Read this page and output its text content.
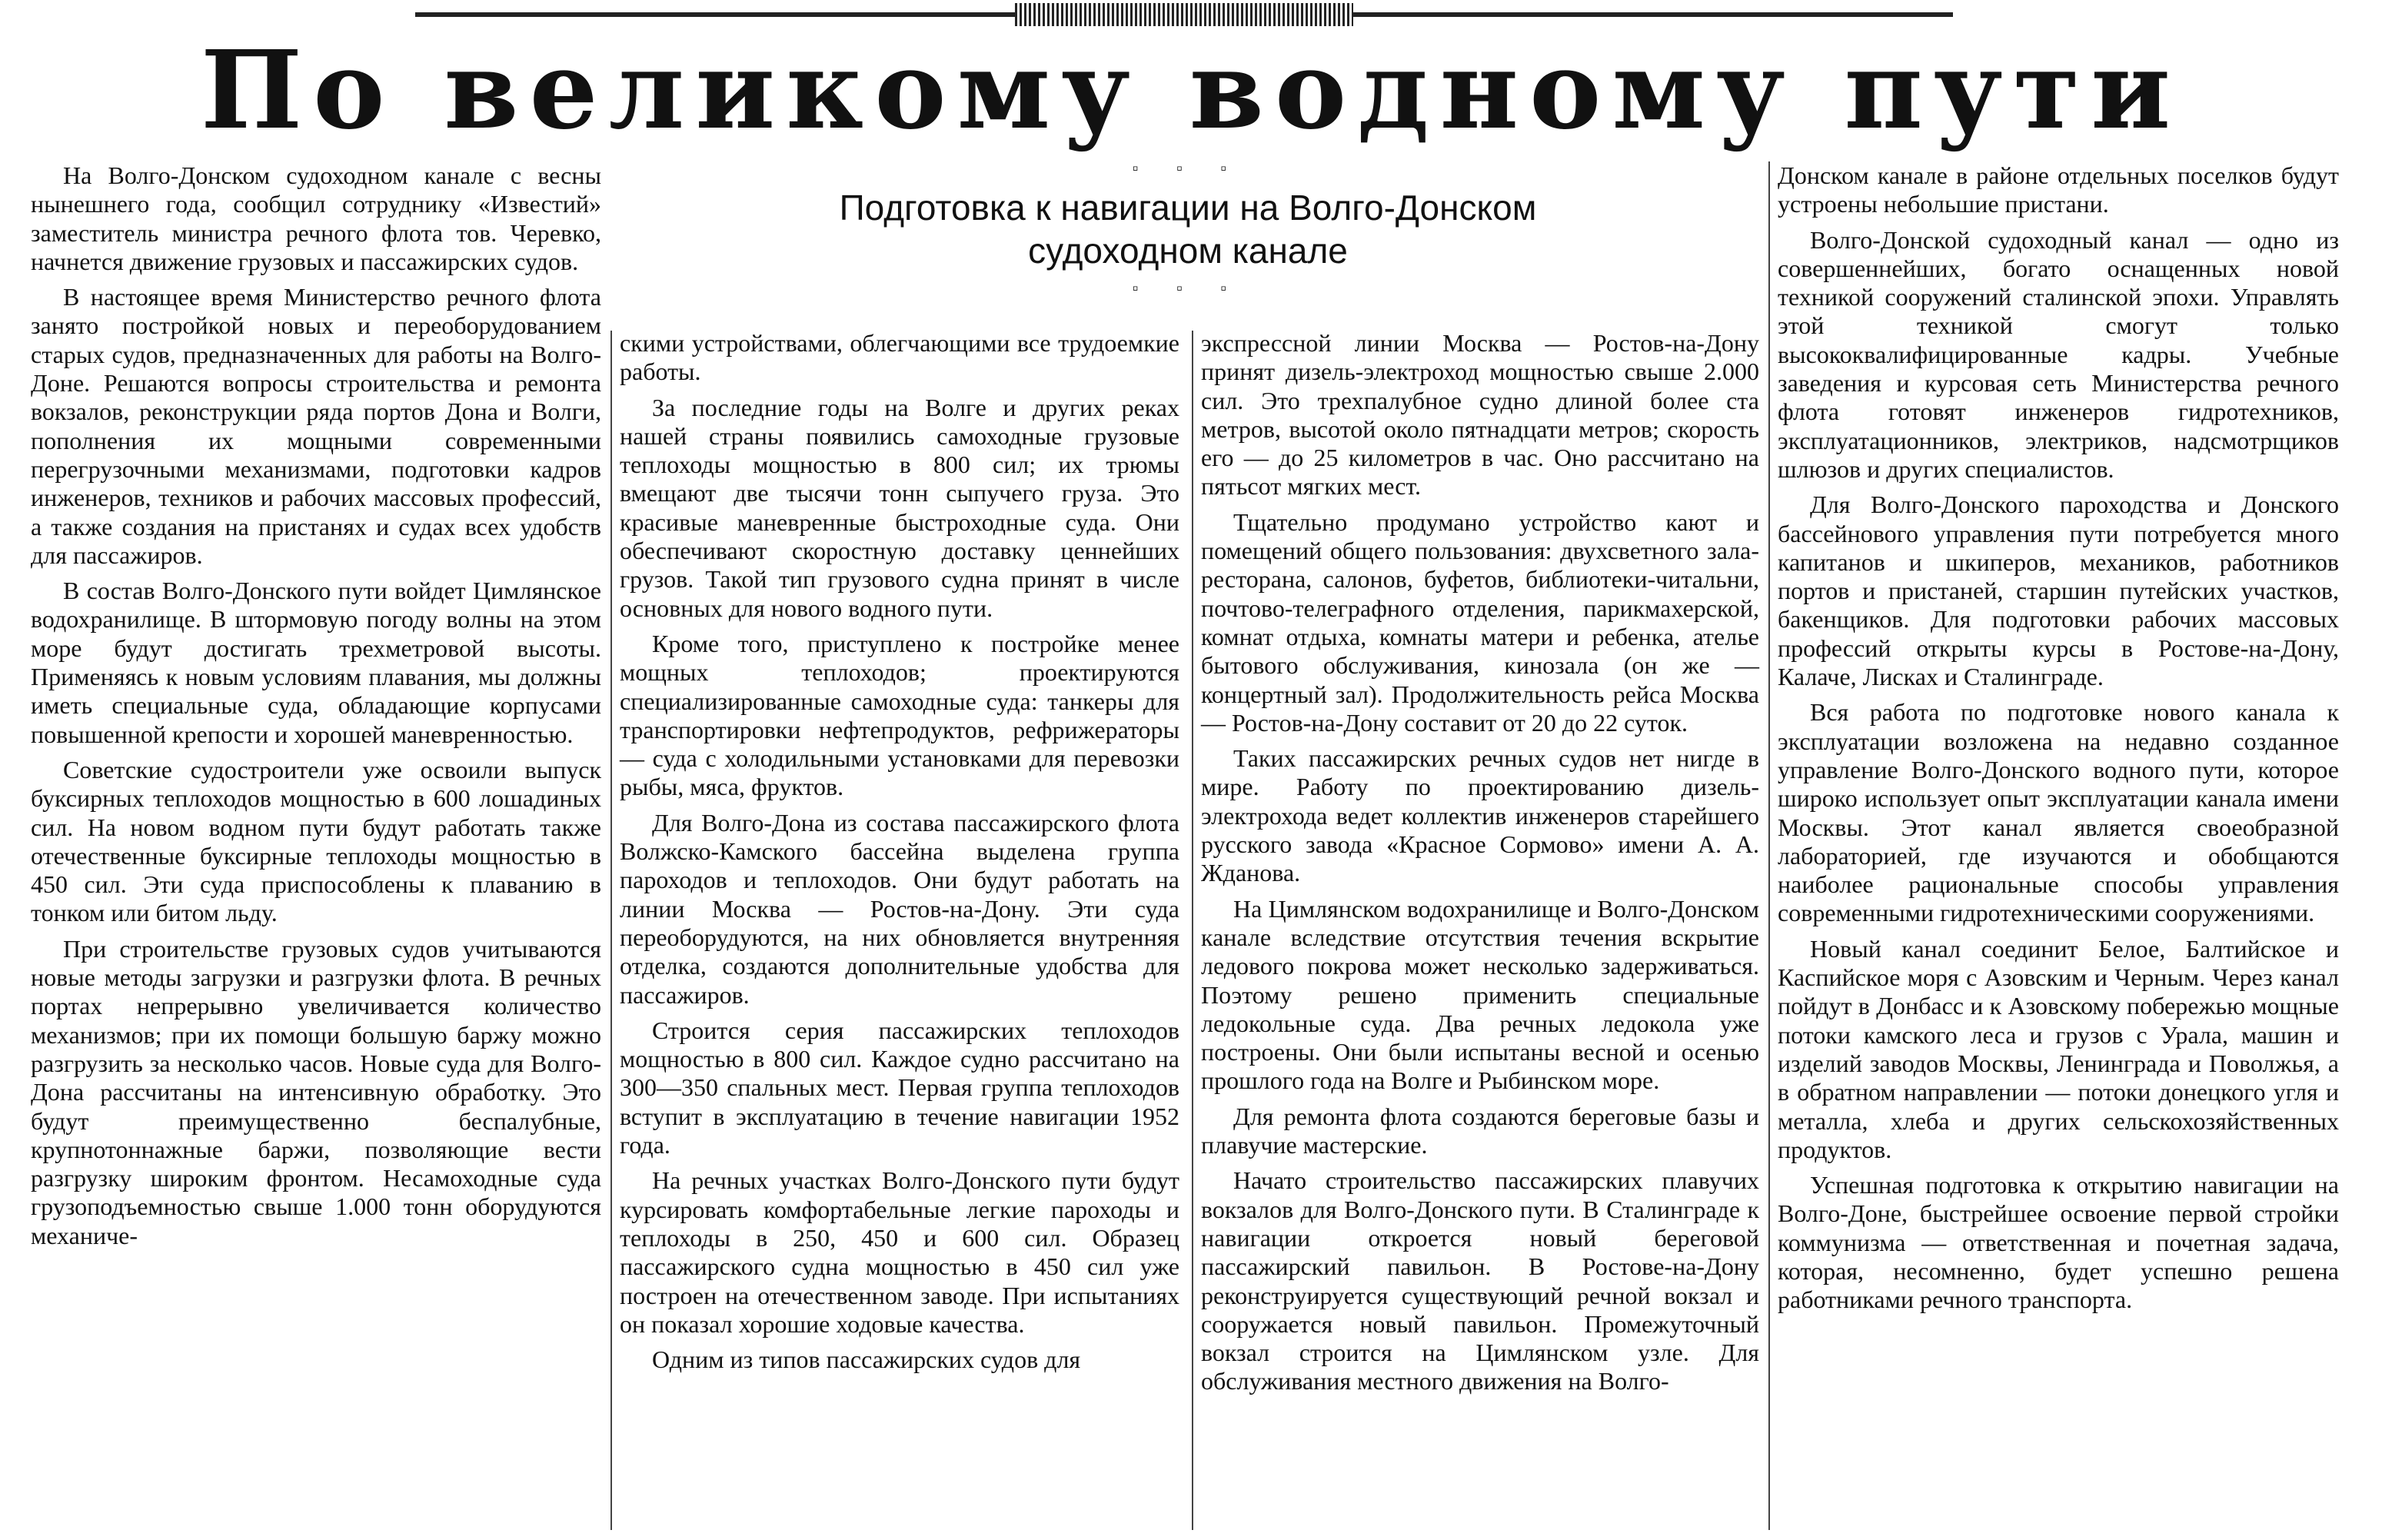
По великому водному пути
▫ ▫ ▫
Подготовка к навигации на Волго-Донском
судоходном канале
▫ ▫ ▫

На Волго-Донском судоходном канале с весны нынешнего года, сообщил сотруднику «Известий» заместитель министра речного флота тов. Черевко, начнется движение грузовых и пассажирских судов.

В настоящее время Министерство речного флота занято постройкой новых и переоборудованием старых судов, предназначенных для работы на Волго-Доне. Решаются вопросы строительства и ремонта вокзалов, реконструкции ряда портов Дона и Волги, пополнения их мощными современными перегрузочными механизмами, подготовки кадров инженеров, техников и рабочих массовых профессий, а также создания на пристанях и судах всех удобств для пассажиров.

В состав Волго-Донского пути войдет Цимлянское водохранилище. В штормовую погоду волны на этом море будут достигать трехметровой высоты. Применяясь к новым условиям плавания, мы должны иметь специальные суда, обладающие корпусами повышенной крепости и хорошей маневренностью.

Советские судостроители уже освоили выпуск буксирных теплоходов мощностью в 600 лошадиных сил. На новом водном пути будут работать также отечественные буксирные теплоходы мощностью в 450 сил. Эти суда приспособлены к плаванию в тонком или битом льду.

При строительстве грузовых судов учитываются новые методы загрузки и разгрузки флота. В речных портах непрерывно увеличивается количество механизмов; при их помощи большую баржу можно разгрузить за несколько часов. Новые суда для Волго-Дона рассчитаны на интенсивную обработку. Это будут преимущественно беспалубные, крупнотоннажные баржи, позволяющие вести разгрузку широким фронтом. Несамоходные суда грузоподъемностью свыше 1.000 тонн оборудуются механиче-

скими устройствами, облегчающими все трудоемкие работы.

За последние годы на Волге и других реках нашей страны появились самоходные грузовые теплоходы мощностью в 800 сил; их трюмы вмещают две тысячи тонн сыпучего груза. Это красивые маневренные быстроходные суда. Они обеспечивают скоростную доставку ценнейших грузов. Такой тип грузового судна принят в числе основных для нового водного пути.

Кроме того, приступлено к постройке менее мощных теплоходов; проектируются специализированные самоходные суда: танкеры для транспортировки нефтепродуктов, рефрижераторы — суда с холодильными установками для перевозки рыбы, мяса, фруктов.

Для Волго-Дона из состава пассажирского флота Волжско-Камского бассейна выделена группа пароходов и теплоходов. Они будут работать на линии Москва — Ростов-на-Дону. Эти суда переоборудуются, на них обновляется внутренняя отделка, создаются дополнительные удобства для пассажиров.

Строится серия пассажирских теплоходов мощностью в 800 сил. Каждое судно рассчитано на 300—350 спальных мест. Первая группа теплоходов вступит в эксплуатацию в течение навигации 1952 года.

На речных участках Волго-Донского пути будут курсировать комфортабельные легкие пароходы и теплоходы в 250, 450 и 600 сил. Образец пассажирского судна мощностью в 450 сил уже построен на отечественном заводе. При испытаниях он показал хорошие ходовые качества.

Одним из типов пассажирских судов для

экспрессной линии Москва — Ростов-на-Дону принят дизель-электроход мощностью свыше 2.000 сил. Это трехпалубное судно длиной более ста метров, высотой около пятнадцати метров; скорость его — до 25 километров в час. Оно рассчитано на пятьсот мягких мест.

Тщательно продумано устройство кают и помещений общего пользования: двухсветного зала-ресторана, салонов, буфетов, библиотеки-читальни, почтово-телеграфного отделения, парикмахерской, комнат отдыха, комнаты матери и ребенка, ателье бытового обслуживания, кинозала (он же — концертный зал). Продолжительность рейса Москва — Ростов-на-Дону составит от 20 до 22 суток.

Таких пассажирских речных судов нет нигде в мире. Работу по проектированию дизель-электрохода ведет коллектив инженеров старейшего русского завода «Красное Сормово» имени А. А. Жданова.

На Цимлянском водохранилище и Волго-Донском канале вследствие отсутствия течения вскрытие ледового покрова может несколько задерживаться. Поэтому решено применить специальные ледокольные суда. Два речных ледокола уже построены. Они были испытаны весной и осенью прошлого года на Волге и Рыбинском море.

Для ремонта флота создаются береговые базы и плавучие мастерские.

Начато строительство пассажирских плавучих вокзалов для Волго-Донского пути. В Сталинграде к навигации откроется новый береговой пассажирский павильон. В Ростове-на-Дону реконструируется существующий речной вокзал и сооружается новый павильон. Промежуточный вокзал строится на Цимлянском узле. Для обслуживания местного движения на Волго-

Донском канале в районе отдельных поселков будут устроены небольшие пристани.

Волго-Донской судоходный канал — одно из совершеннейших, богато оснащенных новой техникой сооружений сталинской эпохи. Управлять этой техникой смогут только высококвалифицированные кадры. Учебные заведения и курсовая сеть Министерства речного флота готовят инженеров гидротехников, эксплуатационников, электриков, надсмотрщиков шлюзов и других специалистов.

Для Волго-Донского пароходства и Донского бассейнового управления пути потребуется много капитанов и шкиперов, механиков, работников портов и пристаней, старшин путейских участков, бакенщиков. Для подготовки рабочих массовых профессий открыты курсы в Ростове-на-Дону, Калаче, Лисках и Сталинграде.

Вся работа по подготовке нового канала к эксплуатации возложена на недавно созданное управление Волго-Донского водного пути, которое широко использует опыт эксплуатации канала имени Москвы. Этот канал является своеобразной лабораторией, где изучаются и обобщаются наиболее рациональные способы управления современными гидротехническими сооружениями.

Новый канал соединит Белое, Балтийское и Каспийское моря с Азовским и Черным. Через канал пойдут в Донбасс и к Азовскому побережью мощные потоки камского леса и грузов с Урала, машин и изделий заводов Москвы, Ленинграда и Поволжья, а в обратном направлении — потоки донецкого угля и металла, хлеба и других сельскохозяйственных продуктов.

Успешная подготовка к открытию навигации на Волго-Доне, быстрейшее освоение первой стройки коммунизма — ответственная и почетная задача, которая, несомненно, будет успешно решена работниками речного транспорта.
